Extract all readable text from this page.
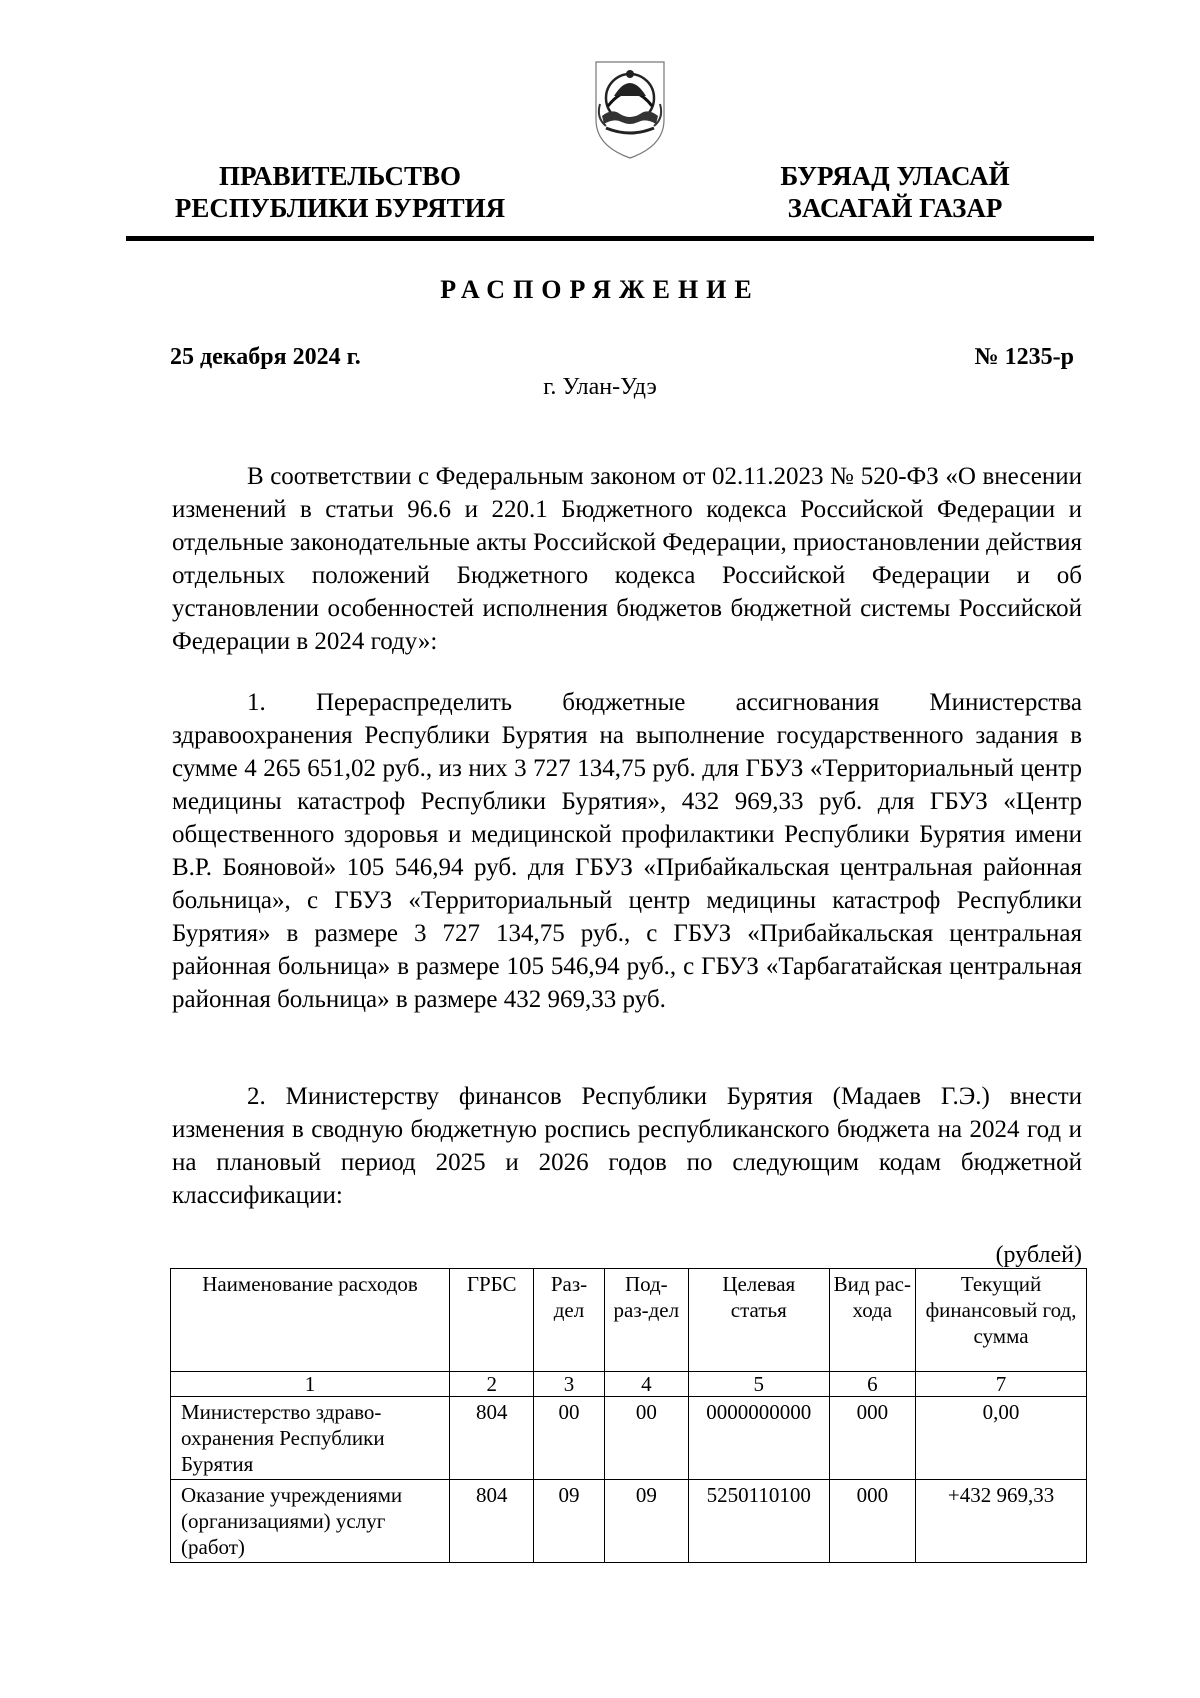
ПРАВИТЕЛЬСТВО
РЕСПУБЛИКИ БУРЯТИЯ
БУРЯАД УЛАСАЙ
ЗАСАГАЙ ГАЗАР
РАСПОРЯЖЕНИЕ
25 декабря 2024 г.	№ 1235-р
г. Улан-Удэ
В соответствии с Федеральным законом от 02.11.2023 № 520-ФЗ «О внесении изменений в статьи 96.6 и 220.1 Бюджетного кодекса Российской Федерации и отдельные законодательные акты Российской Федерации, приостановлении действия отдельных положений Бюджетного кодекса Российской Федерации и об установлении особенностей исполнения бюджетов бюджетной системы Российской Федерации в 2024 году»:
1. Перераспределить бюджетные ассигнования Министерства здравоохранения Республики Бурятия на выполнение государственного задания в сумме 4 265 651,02 руб., из них 3 727 134,75 руб. для ГБУЗ «Территориальный центр медицины катастроф Республики Бурятия», 432 969,33 руб. для ГБУЗ «Центр общественного здоровья и медицинской профилактики Республики Бурятия имени В.Р. Бояновой» 105 546,94 руб. для ГБУЗ «Прибайкальская центральная районная больница», с ГБУЗ «Территориальный центр медицины катастроф Республики Бурятия» в размере 3 727 134,75 руб., с ГБУЗ «Прибайкальская центральная районная больница» в размере 105 546,94 руб., с ГБУЗ «Тарбагатайская центральная районная больница» в размере 432 969,33 руб.
2. Министерству финансов Республики Бурятия (Мадаев Г.Э.) внести изменения в сводную бюджетную роспись республиканского бюджета на 2024 год и на плановый период 2025 и 2026 годов по следующим кодам бюджетной классификации:
(рублей)
Наименование расходов	ГРБС	Раз-дел	Под-раз-дел	Целевая статья	Вид рас-хода	Текущий финансовый год, сумма
1	2	3	4	5	6	7
Министерство здраво-охранения Республики Бурятия	804	00	00	0000000000	000	0,00
Оказание учреждениями (организациями) услуг (работ)	804	09	09	5250110100	000	+432 969,33
